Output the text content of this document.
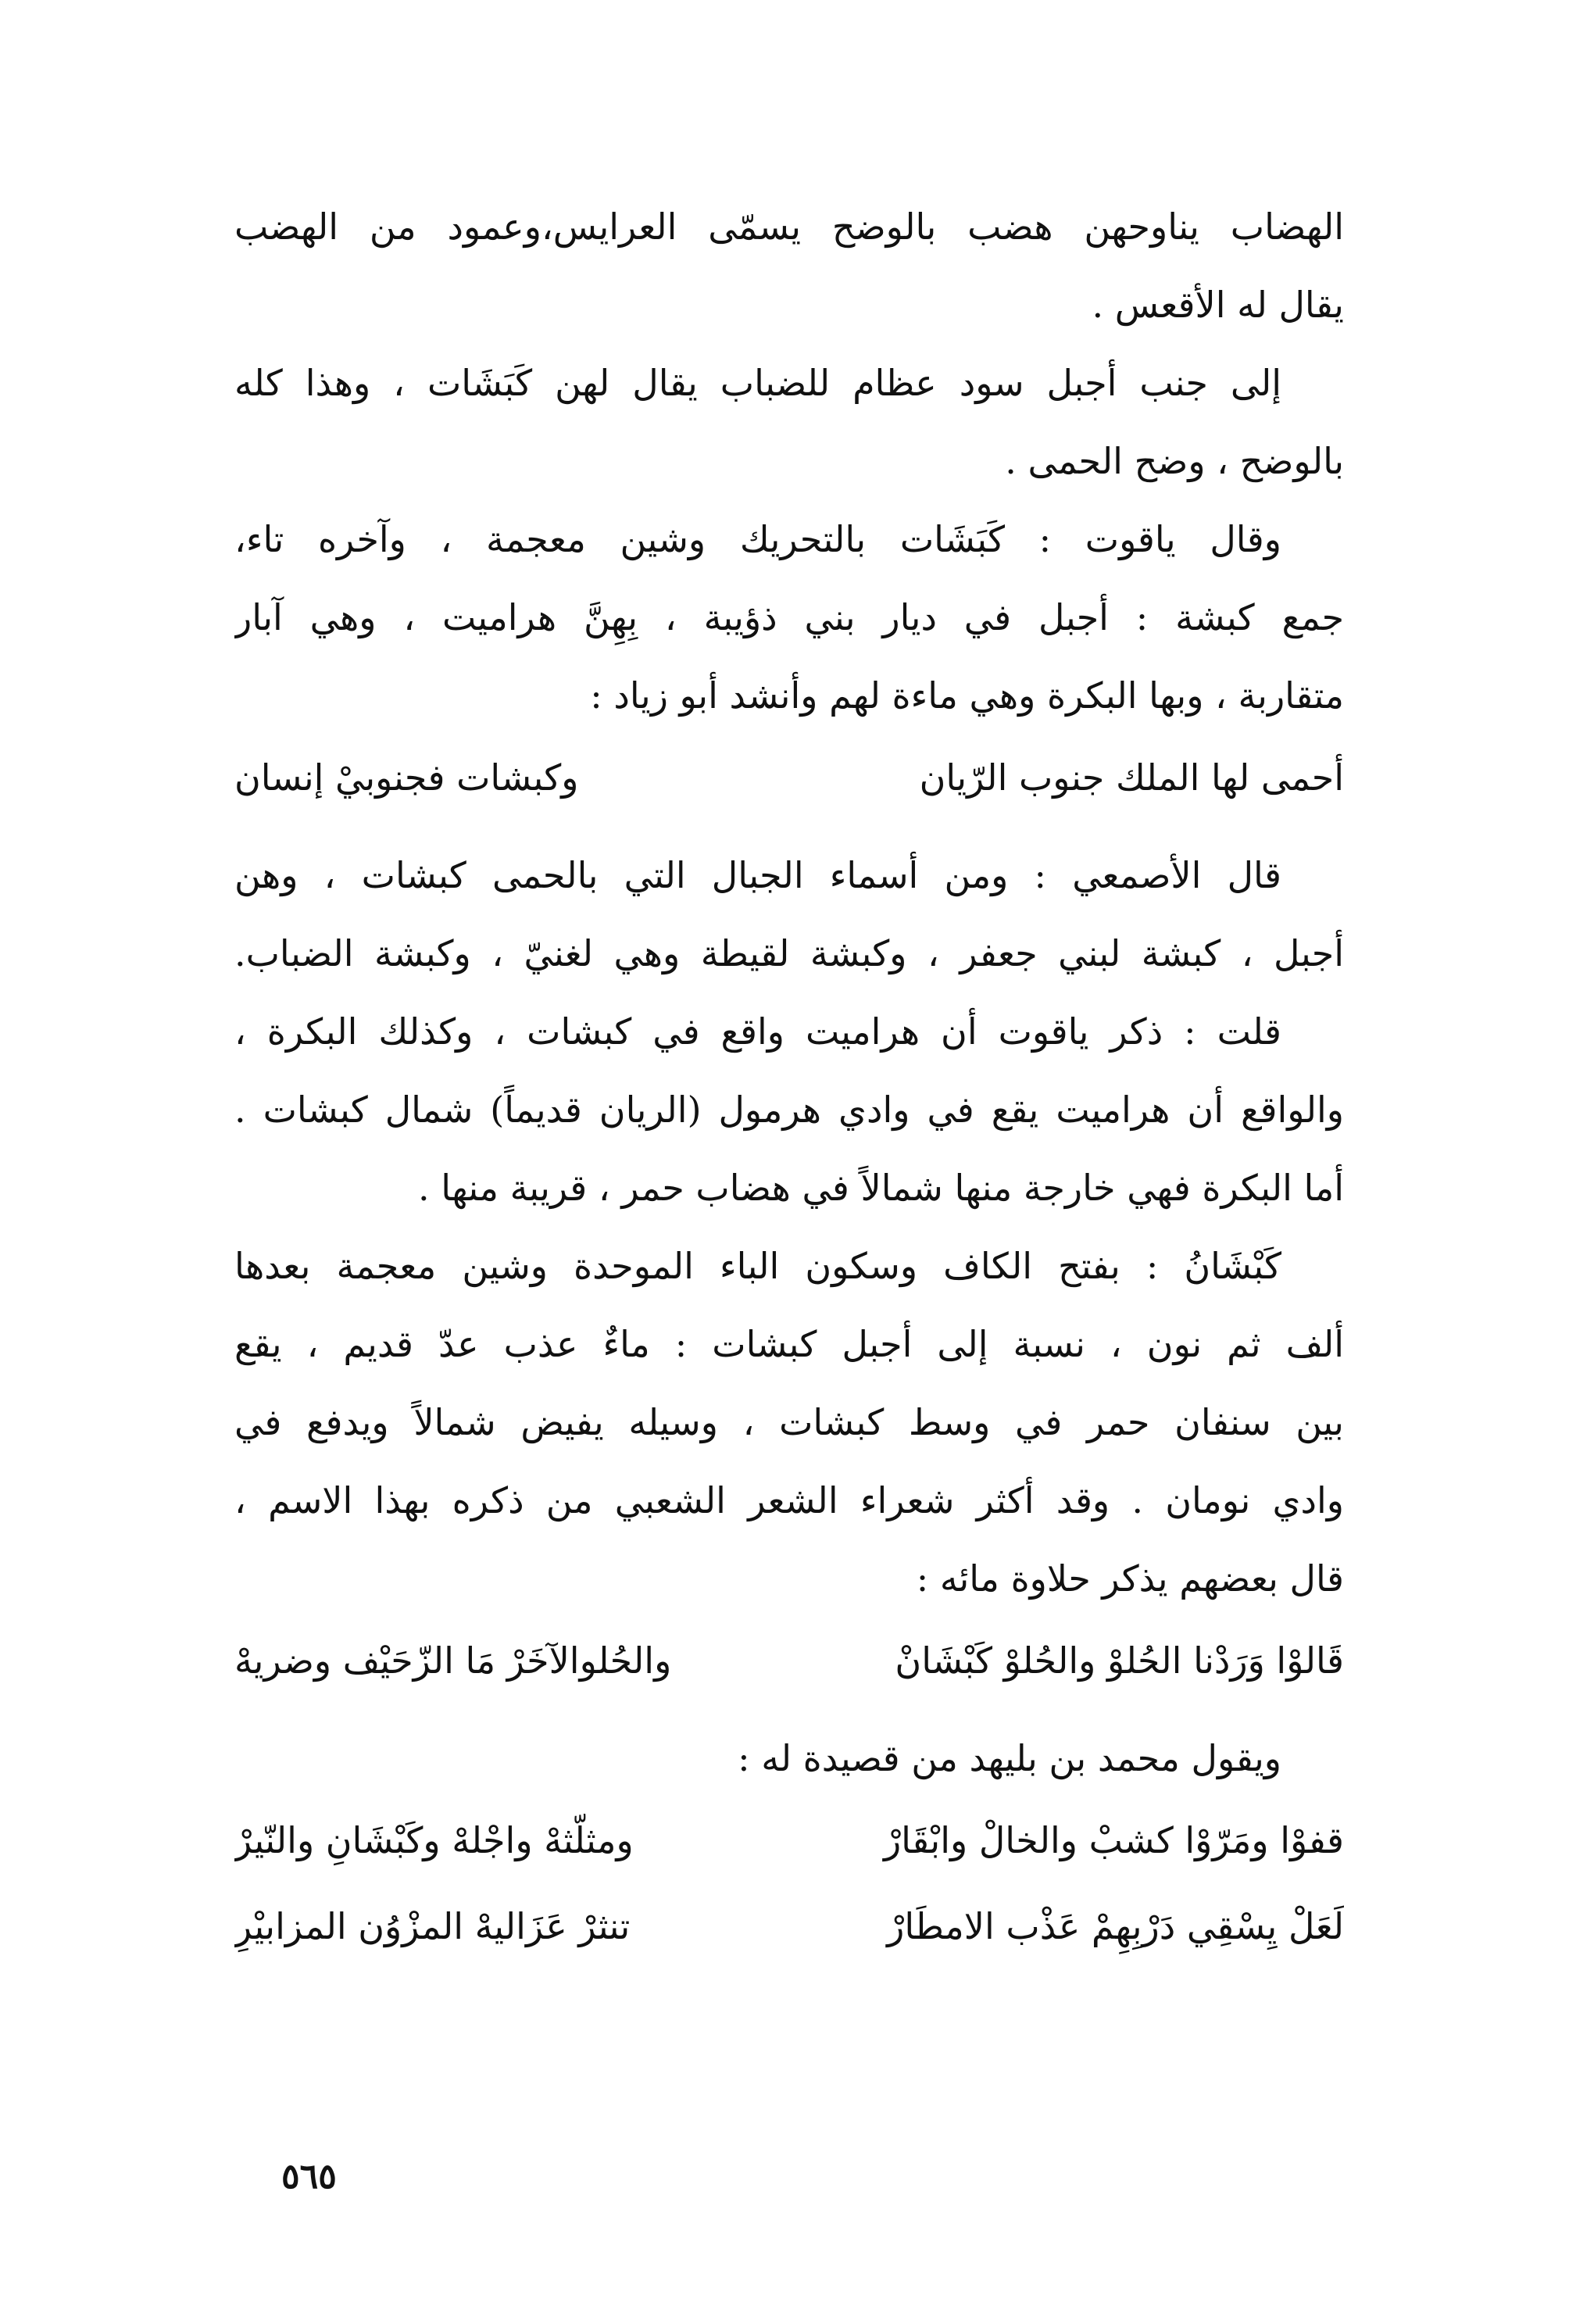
الهضاب يناوحهن هضب بالوضح يسمّى العرايس،وعمود من الهضب
يقال له الأقعس .
إلى جنب أجبل سود عظام للضباب يقال لهن كَبَشَات ، وهذا كله
بالوضح ، وضح الحمى .
وقال ياقوت : كَبَشَات بالتحريك وشين معجمة ، وآخره تاء،
جمع كبشة : أجبل في ديار بني ذؤيبة ، بِهِنَّ هراميت ، وهي آبار
متقاربة ، وبها البكرة وهي ماءة لهم وأنشد أبو زياد :
أحمى لها الملك جنوب الرّيان
وكبشات فجنوبيْ إنسان
قال الأصمعي : ومن أسماء الجبال التي بالحمى كبشات ، وهن
أجبل ، كبشة لبني جعفر ، وكبشة لقيطة وهي لغنيّ ، وكبشة الضباب.
قلت : ذكر ياقوت أن هراميت واقع في كبشات ، وكذلك البكرة ،
والواقع أن هراميت يقع في وادي هرمول (الريان قديماً) شمال كبشات .
أما البكرة فهي خارجة منها شمالاً في هضاب حمر ، قريبة منها .
كَبْشَانُ : بفتح الكاف وسكون الباء الموحدة وشين معجمة بعدها
ألف ثم نون ، نسبة إلى أجبل كبشات : ماءٌ عذب عدّ قديم ، يقع
بين سنفان حمر في وسط كبشات ، وسيله يفيض شمالاً ويدفع في
وادي نومان . وقد أكثر شعراء الشعر الشعبي من ذكره بهذا الاسم ،
قال بعضهم يذكر حلاوة مائه :
قَالوْا وَرَدْنا الحُلوْ والحُلوْ كَبْشَانْ
والحُلوالآخَرْ مَا الزّحَيْف وضريهْ
ويقول محمد بن بليهد من قصيدة له :
قفوْا ومَرّوْا كشبْ والخالْ وابْقَارْ
ومثلّثهْ واجْلهْ وكَبْشَانِ والنّيرْ
لَعَلْ يِسْقِي دَرْبِهِمْ عَذْب الامطَارْ
تنثرْ عَزَاليهْ المزْوُن المزابيْرِ
٥٦٥
